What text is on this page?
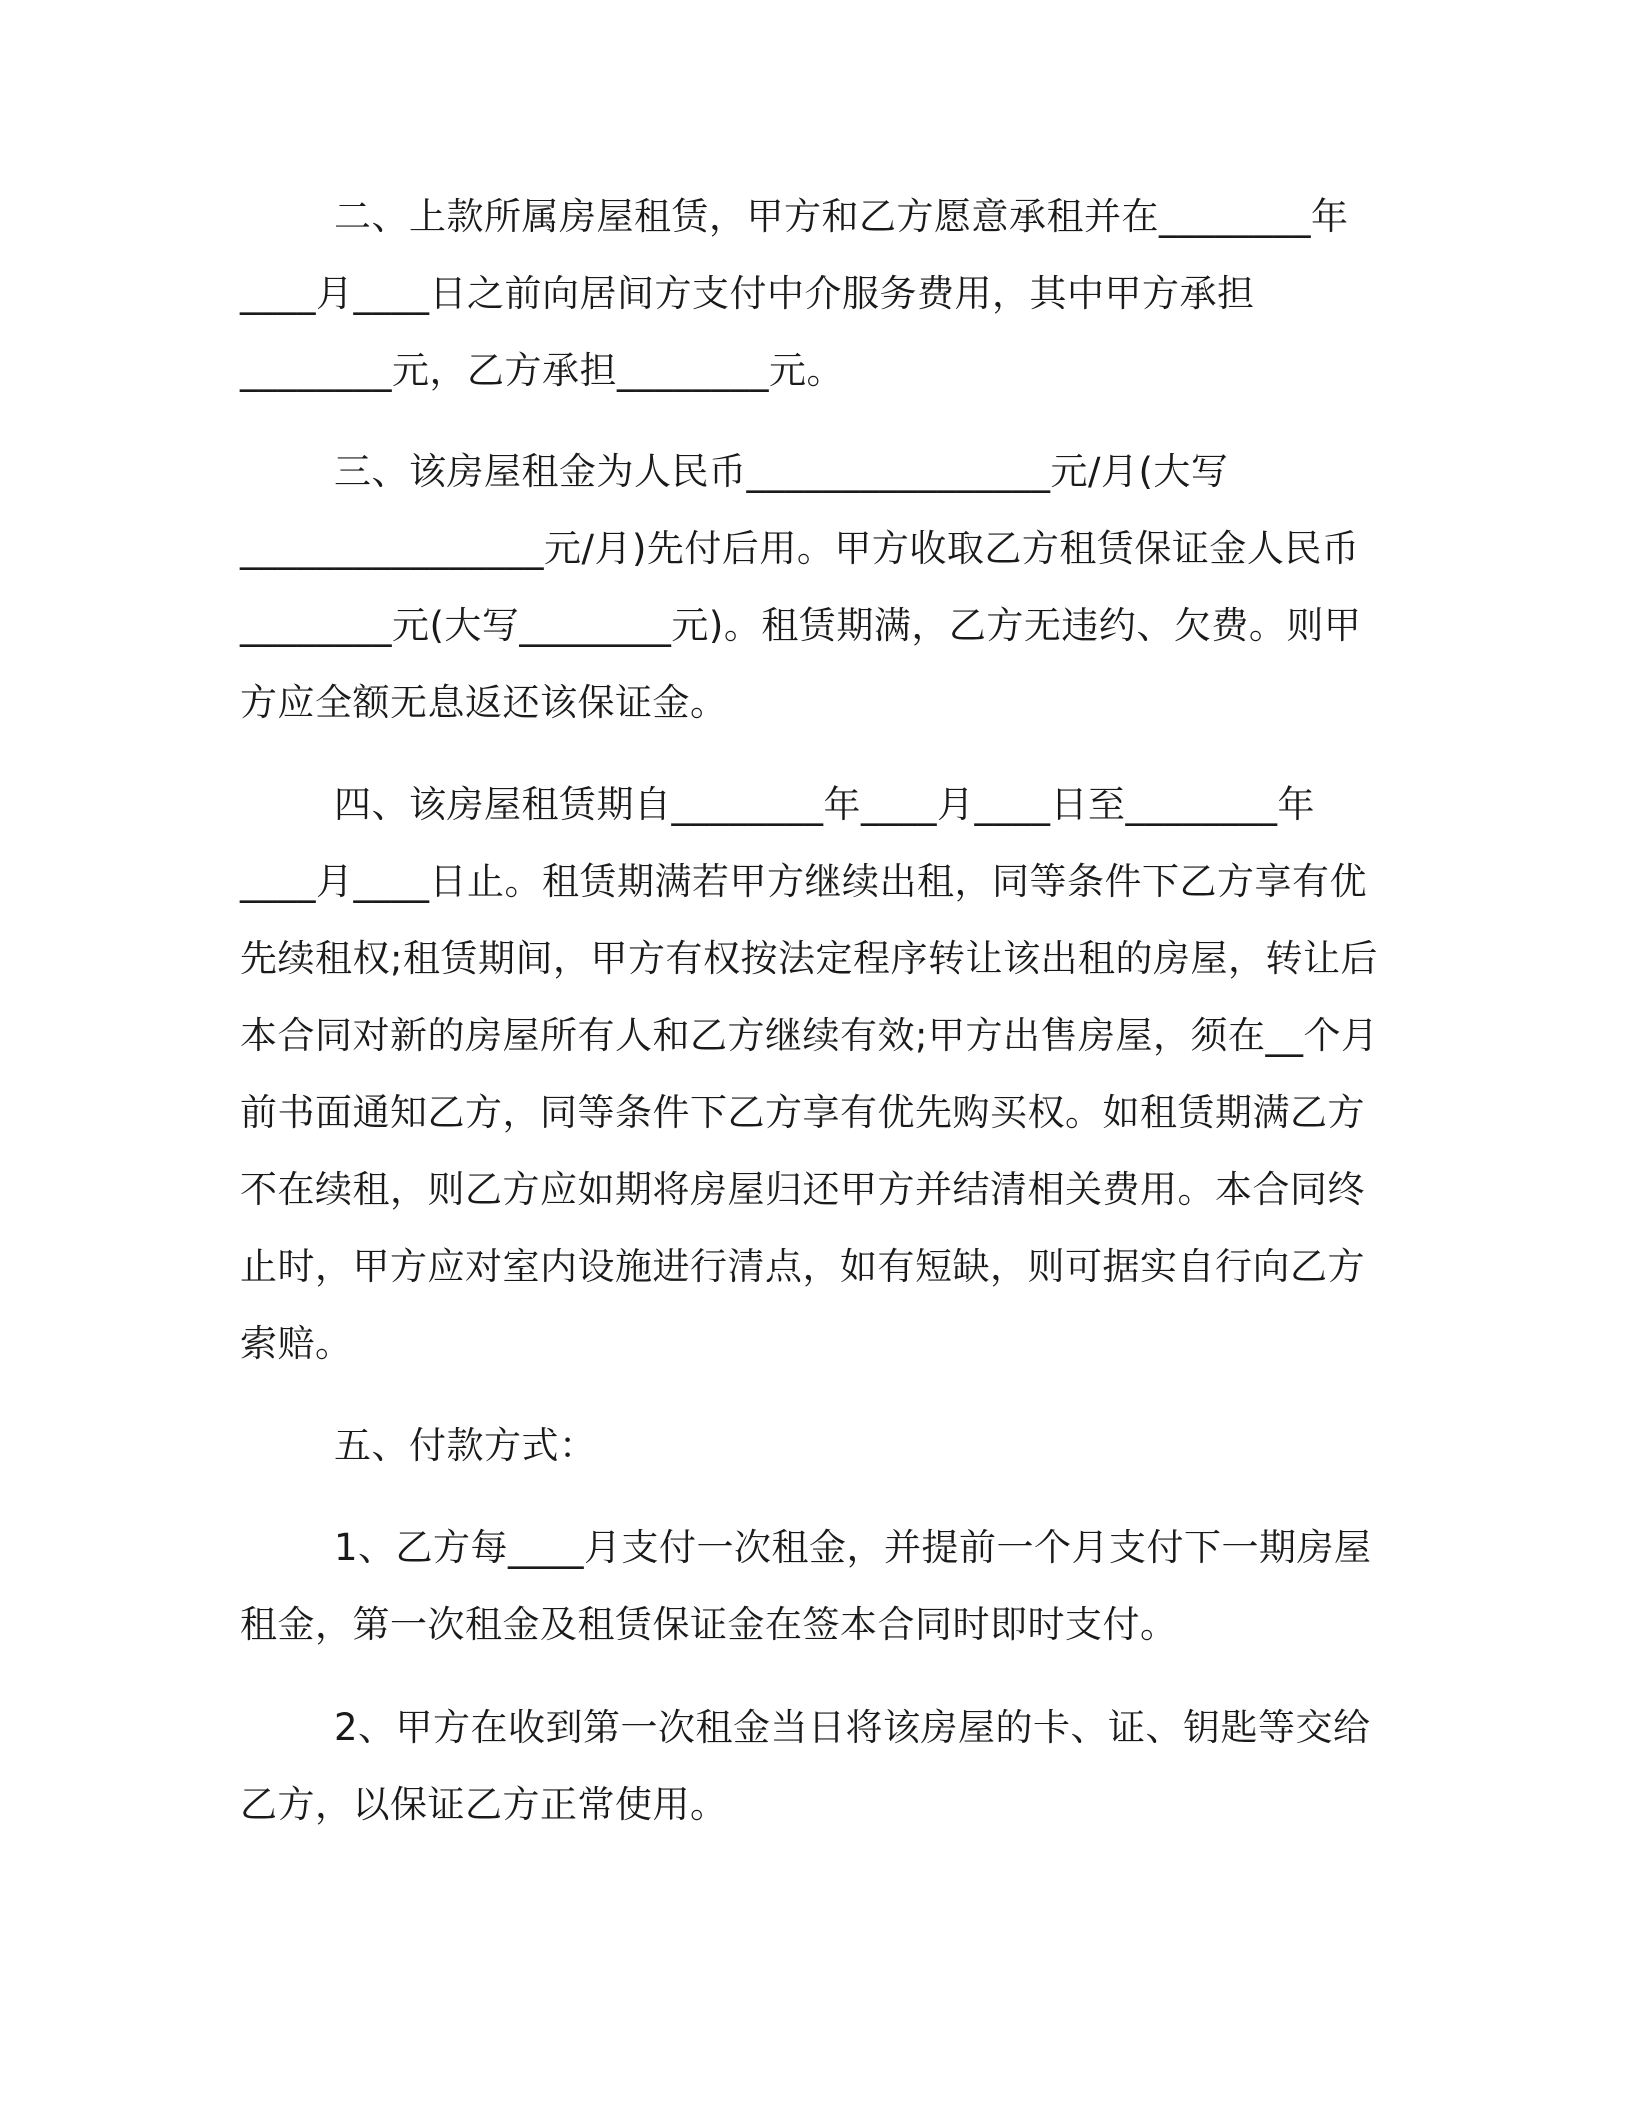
二、上款所属房屋租赁，甲方和乙方愿意承租并在________年
____月____日之前向居间方支付中介服务费用，其中甲方承担
________元，乙方承担________元。
三、该房屋租金为人民币________________元/月(大写
________________元/月)先付后用。甲方收取乙方租赁保证金人民币
________元(大写________元)。租赁期满，乙方无违约、欠费。则甲
方应全额无息返还该保证金。
四、该房屋租赁期自________年____月____日至________年
____月____日止。租赁期满若甲方继续出租，同等条件下乙方享有优
先续租权;租赁期间，甲方有权按法定程序转让该出租的房屋，转让后
本合同对新的房屋所有人和乙方继续有效;甲方出售房屋，须在__个月
前书面通知乙方，同等条件下乙方享有优先购买权。如租赁期满乙方
不在续租，则乙方应如期将房屋归还甲方并结清相关费用。本合同终
止时，甲方应对室内设施进行清点，如有短缺，则可据实自行向乙方
索赔。
五、付款方式：
1、乙方每____月支付一次租金，并提前一个月支付下一期房屋
租金，第一次租金及租赁保证金在签本合同时即时支付。
2、甲方在收到第一次租金当日将该房屋的卡、证、钥匙等交给
乙方，以保证乙方正常使用。
